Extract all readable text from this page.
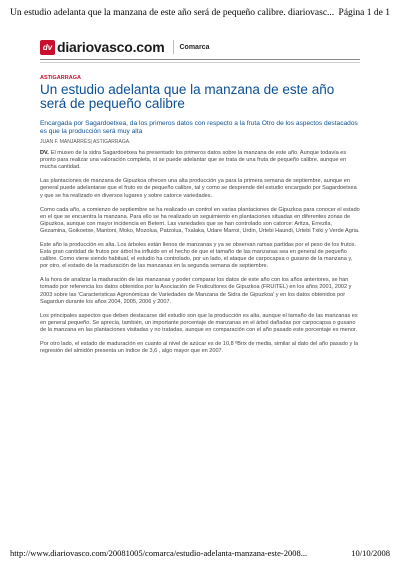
Un estudio adelanta que la manzana de este año será de pequeño calibre. diariovasc... Página 1 de 1
dv diariovasco.com Comarca
ASTIGARRAGA
Un estudio adelanta que la manzana de este año será de pequeño calibre
Encargada por Sagardoetxea, da los primeros datos con respecto a la fruta Otro de los aspectos destacados es que la producción será muy alta
JUAN F. MANJARRÉS| ASTIGARRAGA.

DV. El museo de la sidra Sagardoetxea ha presentado los primeros datos sobre la manzana de este año. Aunque todavía es pronto para realizar una valoración completa, sí se puede adelantar que se trata de una fruta de pequeño calibre, aunque en mucha cantidad.

Las plantaciones de manzana de Gipuzkoa ofrecen una alta producción ya para la primera semana de septiembre, aunque en general puede adelantarse que el fruto es de pequeño calibre, tal y como se desprende del estudio encargado por Sagardoetxea y que se ha realizado en diversos lugares y sobre catorce variedades.

Como cada año, a comienzo de septiembre se ha realizado un control en varias plantaciones de Gipuzkoa para conocer el estado en el que se encuentra la manzana. Para ello se ha realizado un seguimiento en plantaciones situadas en diferentes zonas de Gipuzkoa, aunque con mayor incidencia en Beterri. Las variedades que se han controlado son catorce: Aritza, Errezila, Gezamina, Goikoetxe, Mantoni, Moko, Mozolua, Patzolua, Txalaka, Udare Marroi, Urdin, Urtebi Haundi, Urtebi Txiki y Verde Agria.

Este año la producción es alta. Los árboles están llenos de manzanas y ya se observan ramas partidas por el peso de los frutos. Esta gran cantidad de frutos por árbol ha influido en el hecho de que el tamaño de las manzanas sea en general de pequeño calibre. Como viene siendo habitual, el estudio ha controlado, por un lado, el ataque de carpocapsa o gusano de la manzana y, por otro, el estado de la maduración de las manzanas en la segunda semana de septiembre.

A la hora de analizar la maduración de las manzanas y poder comparar los datos de este año con los años anteriores, se han tomado por referencia los datos obtenidos por la Asociación de Fruticultores de Gipuzkoa (FRUITEL) en los años 2001, 2002 y 2003 sobre las 'Caracteristicas Agronómicas de Variedades de Manzana de Sidra de Gipuzkoa' y en los datos obtenidos por Sagardun durante los años 2004, 2005, 2006 y 2007.

Los principales aspectos que deben destacarse del estudio son que la producción es alta, aunque el tamaño de las manzanas es en general pequeño. Se aprecia, también, un importante porcentaje de manzanas en el árbol dañadas por carpocapsa o gusano de la manzana en las plantaciones visitadas y no tratadas, aunque en comparación con el año pasado este porcentaje es menor.

Por otro lado, el estado de maduración en cuanto al nivel de azúcar es de 10,8 ºBrix de media, similar al dato del año pasado y la regresión del almidón presenta un índice de 3,6 , algo mayor que en 2007.

http://www.diariovasco.com/20081005/comarca/estudio-adelanta-manzana-este-2008...	10/10/2008
